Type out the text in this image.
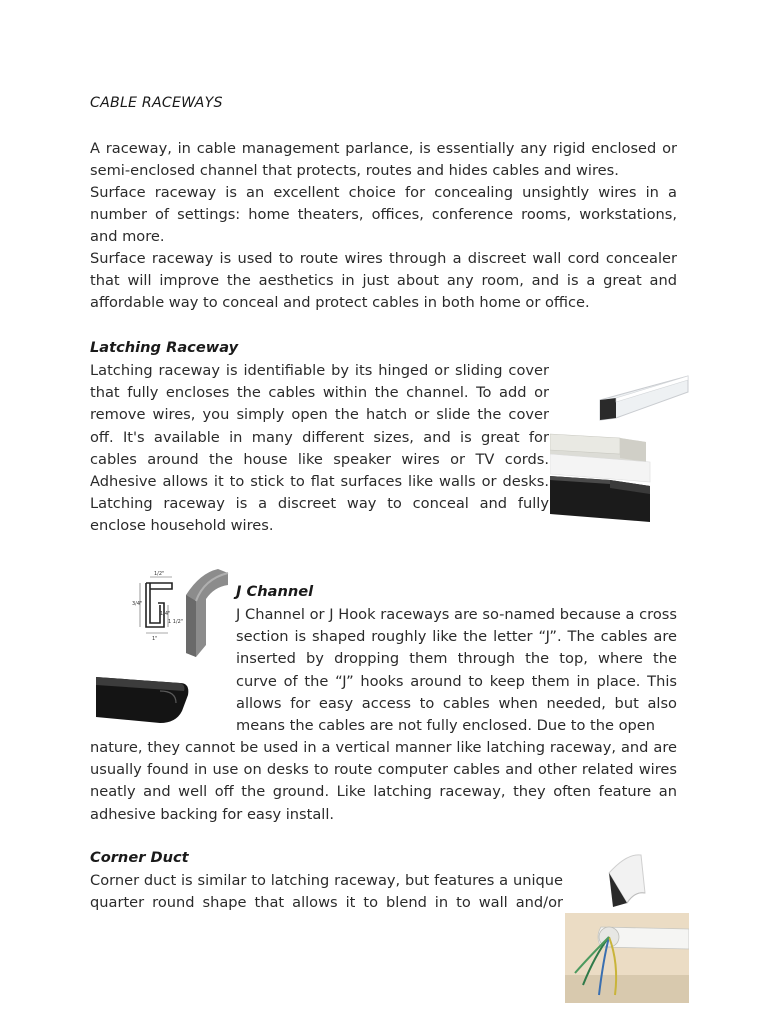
CABLE RACEWAYS
A raceway, in cable management parlance, is essentially any rigid enclosed or semi-enclosed channel that protects, routes and hides cables and wires.
Surface raceway is an excellent choice for concealing unsightly wires in a number of settings: home theaters, offices, conference rooms, workstations, and more.
Surface raceway is used to route wires through a discreet wall cord concealer that will improve the aesthetics in just about any room, and is a great and affordable way to conceal and protect cables in both home or office.
Latching Raceway
Latching raceway is identifiable by its hinged or sliding cover that fully encloses the cables within the channel. To add or remove wires, you simply open the hatch or slide the cover off. It's available in many different sizes, and is great for cables around the house like speaker wires or TV cords. Adhesive allows it to stick to flat surfaces like walls or desks. Latching raceway is a discreet way to conceal and fully enclose household wires.
1/2"
3/4"
1/4"
1 1/2"
1"
J Channel
J Channel or J Hook raceways are so-named because a cross section is shaped roughly like the letter “J”. The cables are inserted by dropping them through the top, where the curve of the “J” hooks around to keep them in place. This allows for easy access to cables when needed, but also means the cables are not fully enclosed. Due to the open
nature, they cannot be used in a vertical manner like latching raceway, and are usually found in use on desks to route computer cables and other related wires neatly and well off the ground. Like latching raceway, they often feature an adhesive backing for easy install.
Corner Duct
Corner duct is similar to latching raceway, but features a unique quarter round shape that allows it to blend in to wall and/or
